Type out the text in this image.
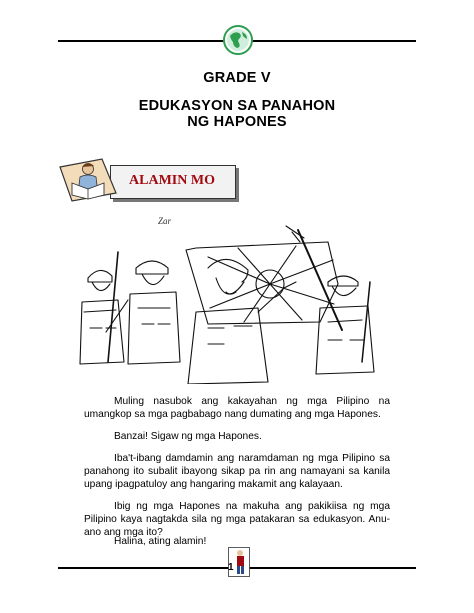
GRADE V
EDUKASYON SA PANAHON
NG HAPONES
ALAMIN MO
Zar

Muling nasubok ang kakayahan ng mga Pilipino na umangkop sa mga pagbabago nang dumating ang mga Hapones.

Banzai! Sigaw ng mga Hapones.

Iba't-ibang damdamin ang naramdaman ng mga Pilipino sa panahong ito subalit ibayong sikap pa rin ang namayani sa kanila upang ipagpatuloy ang hangaring makamit ang kalayaan.

Ibig ng mga Hapones na makuha ang pakikiisa ng mga Pilipino kaya nagtakda sila ng mga patakaran sa edukasyon. Anu-ano ang mga ito?

Halina, ating alamin!

1
